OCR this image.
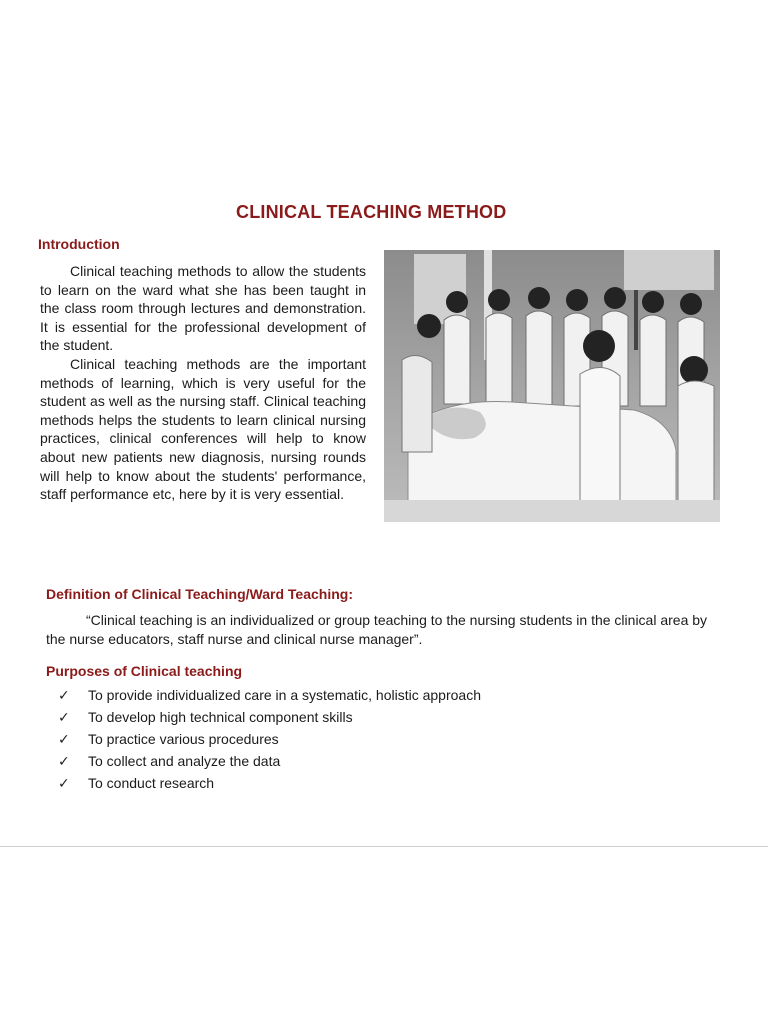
CLINICAL TEACHING METHOD
Introduction

Clinical teaching methods to allow the students to learn on the ward what she has been taught in the class room through lectures and demonstration. It is essential for the professional development of the student.

Clinical teaching methods are the important methods of learning, which is very useful for the student as well as the nursing staff. Clinical teaching methods helps the students to learn clinical nursing practices, clinical conferences will help to know about new patients new diagnosis, nursing rounds will help to know about the students' performance, staff performance etc, here by it is very essential.

Definition of Clinical Teaching/Ward Teaching:

“Clinical teaching is an individualized or group teaching to the nursing students in the clinical area by the nurse educators, staff nurse and clinical nurse manager”.

Purposes of Clinical teaching
✓ To provide individualized care in a systematic, holistic approach
✓ To develop high technical component skills
✓ To practice various procedures
✓ To collect and analyze the data
✓ To conduct research
